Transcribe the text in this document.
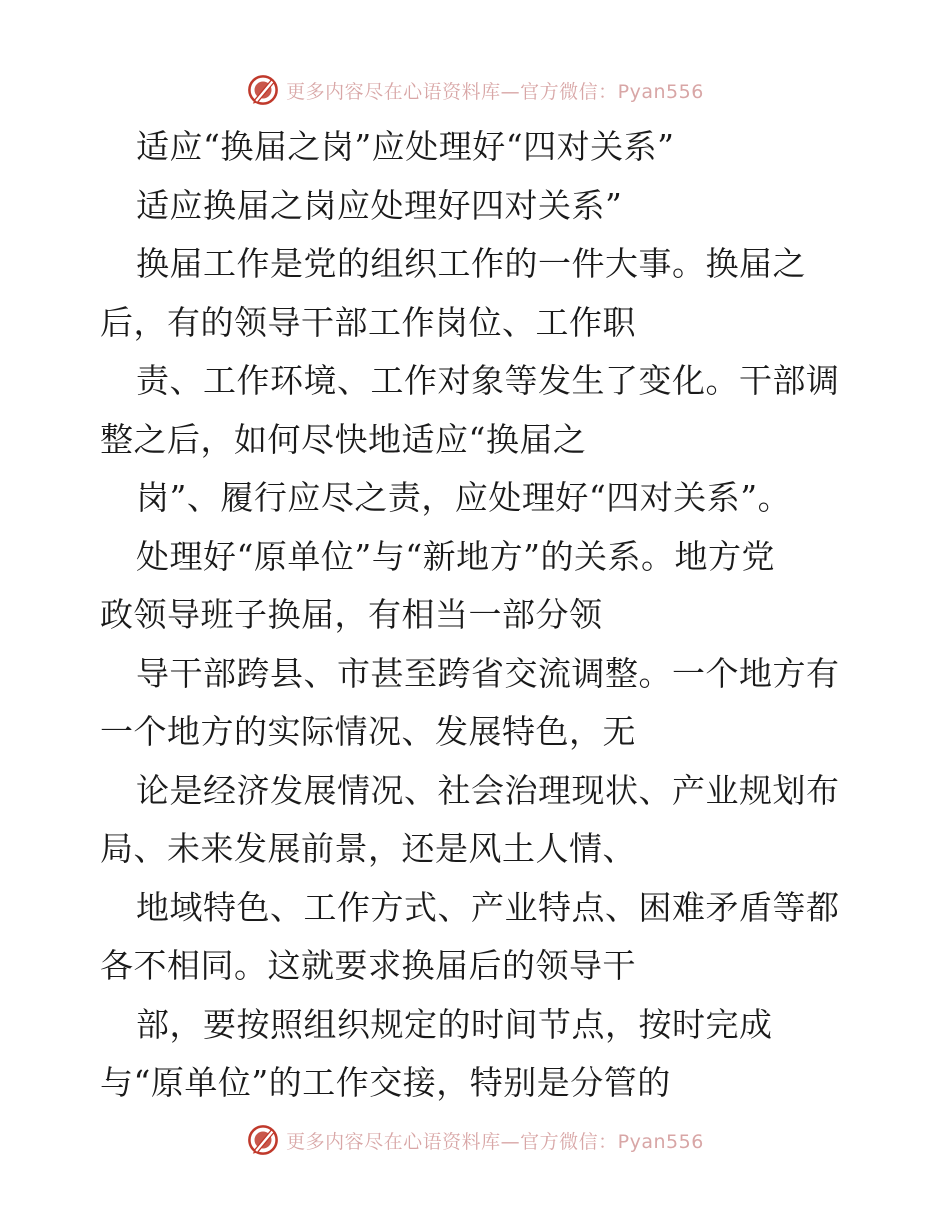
更多内容尽在心语资料库—官方微信：Pyan556
适应“换届之岗”应处理好“四对关系”
适应换届之岗应处理好四对关系”
换届工作是党的组织工作的一件大事。换届之
后，有的领导干部工作岗位、工作职
责、工作环境、工作对象等发生了变化。干部调
整之后，如何尽快地适应“换届之
岗”、履行应尽之责，应处理好“四对关系”。
处理好“原单位”与“新地方”的关系。地方党
政领导班子换届，有相当一部分领
导干部跨县、市甚至跨省交流调整。一个地方有
一个地方的实际情况、发展特色，无
论是经济发展情况、社会治理现状、产业规划布
局、未来发展前景，还是风土人情、
地域特色、工作方式、产业特点、困难矛盾等都
各不相同。这就要求换届后的领导干
部，要按照组织规定的时间节点，按时完成
与“原单位”的工作交接，特别是分管的
更多内容尽在心语资料库—官方微信：Pyan556
